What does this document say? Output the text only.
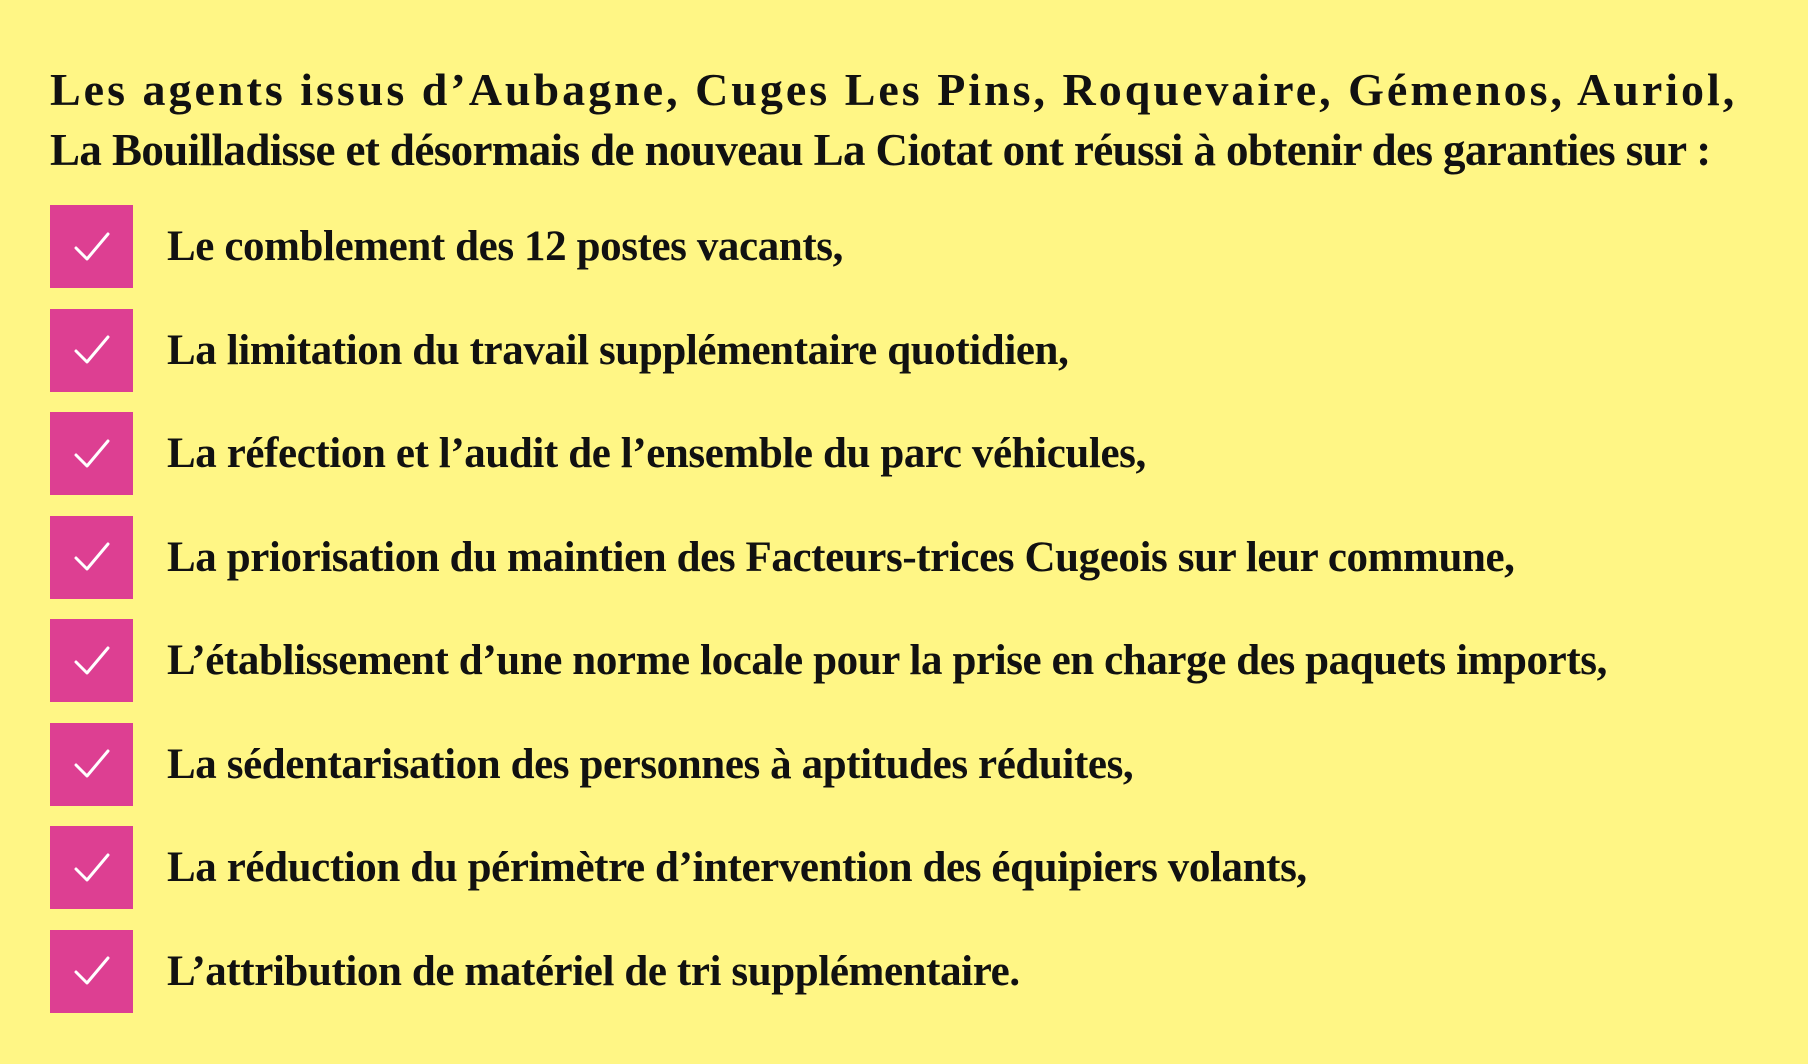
Les agents issus d’Aubagne, Cuges Les Pins, Roquevaire, Gémenos, Auriol,
La Bouilladisse et désormais de nouveau La Ciotat ont réussi à obtenir des garanties sur :
Le comblement des 12 postes vacants,
La limitation du travail supplémentaire quotidien,
La réfection et l’audit de l’ensemble du parc véhicules,
La priorisation du maintien des Facteurs-trices Cugeois sur leur commune,
L’établissement d’une norme locale pour la prise en charge des paquets imports,
La sédentarisation des personnes à aptitudes réduites,
La réduction du périmètre d’intervention des équipiers volants,
L’attribution de matériel de tri supplémentaire.
